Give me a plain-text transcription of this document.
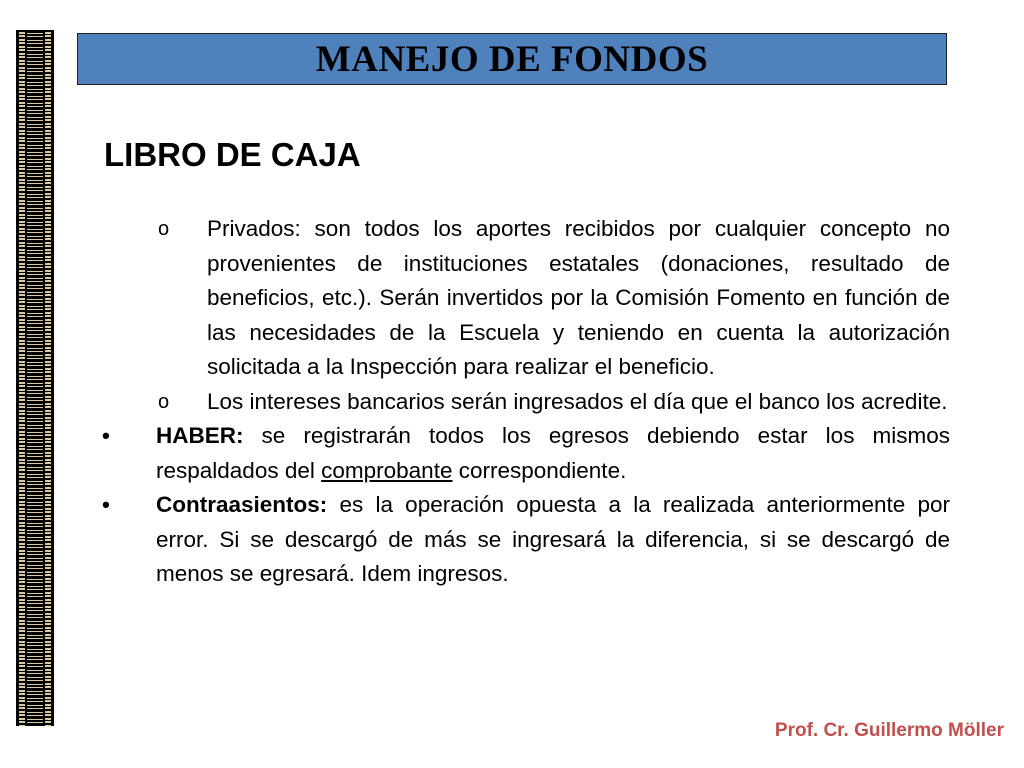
MANEJO DE FONDOS
LIBRO DE CAJA
o Privados: son todos los aportes recibidos por cualquier concepto no provenientes de instituciones estatales (donaciones, resultado de beneficios, etc.). Serán invertidos por la Comisión Fomento en función de las necesidades de la Escuela y teniendo en cuenta la autorización solicitada a la Inspección para realizar el beneficio.
o Los intereses bancarios serán ingresados el día que el banco los acredite.
• HABER: se registrarán todos los egresos debiendo estar los mismos respaldados del comprobante correspondiente.
• Contraasientos: es la operación opuesta a la realizada anteriormente por error. Si se descargó de más se ingresará la diferencia, si se descargó de menos se egresará. Idem ingresos.
Prof. Cr. Guillermo Möller
